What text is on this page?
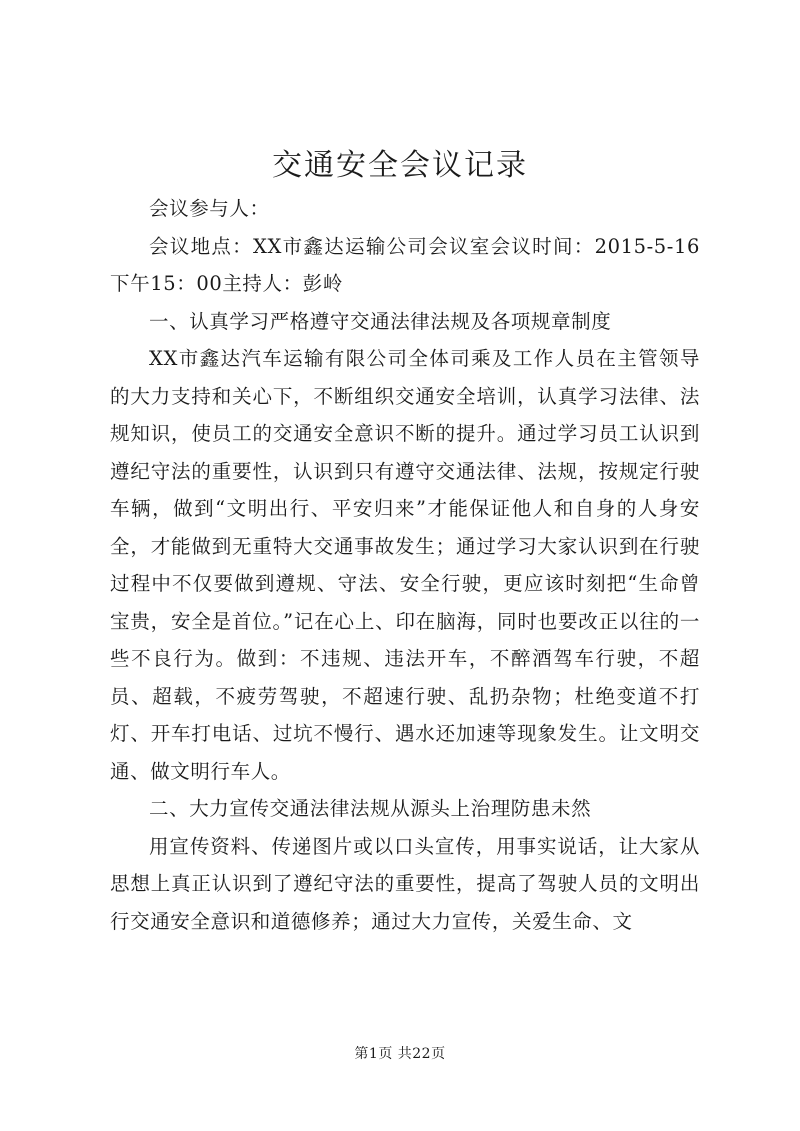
交通安全会议记录

会议参与人：

会议地点：XX市鑫达运输公司会议室会议时间：2015-5-16下午15：00主持人：彭岭

一、认真学习严格遵守交通法律法规及各项规章制度

XX市鑫达汽车运输有限公司全体司乘及工作人员在主管领导的大力支持和关心下，不断组织交通安全培训，认真学习法律、法规知识，使员工的交通安全意识不断的提升。通过学习员工认识到遵纪守法的重要性，认识到只有遵守交通法律、法规，按规定行驶车辆，做到“文明出行、平安归来”才能保证他人和自身的人身安全，才能做到无重特大交通事故发生；通过学习大家认识到在行驶过程中不仅要做到遵规、守法、安全行驶，更应该时刻把“生命曾宝贵，安全是首位。”记在心上、印在脑海，同时也要改正以往的一些不良行为。做到：不违规、违法开车，不醉酒驾车行驶，不超员、超载，不疲劳驾驶，不超速行驶、乱扔杂物；杜绝变道不打灯、开车打电话、过坑不慢行、遇水还加速等现象发生。让文明交通、做文明行车人。

二、大力宣传交通法律法规从源头上治理防患未然

用宣传资料、传递图片或以口头宣传，用事实说话，让大家从思想上真正认识到了遵纪守法的重要性，提高了驾驶人员的文明出行交通安全意识和道德修养；通过大力宣传，关爱生命、文

第1页 共22页
